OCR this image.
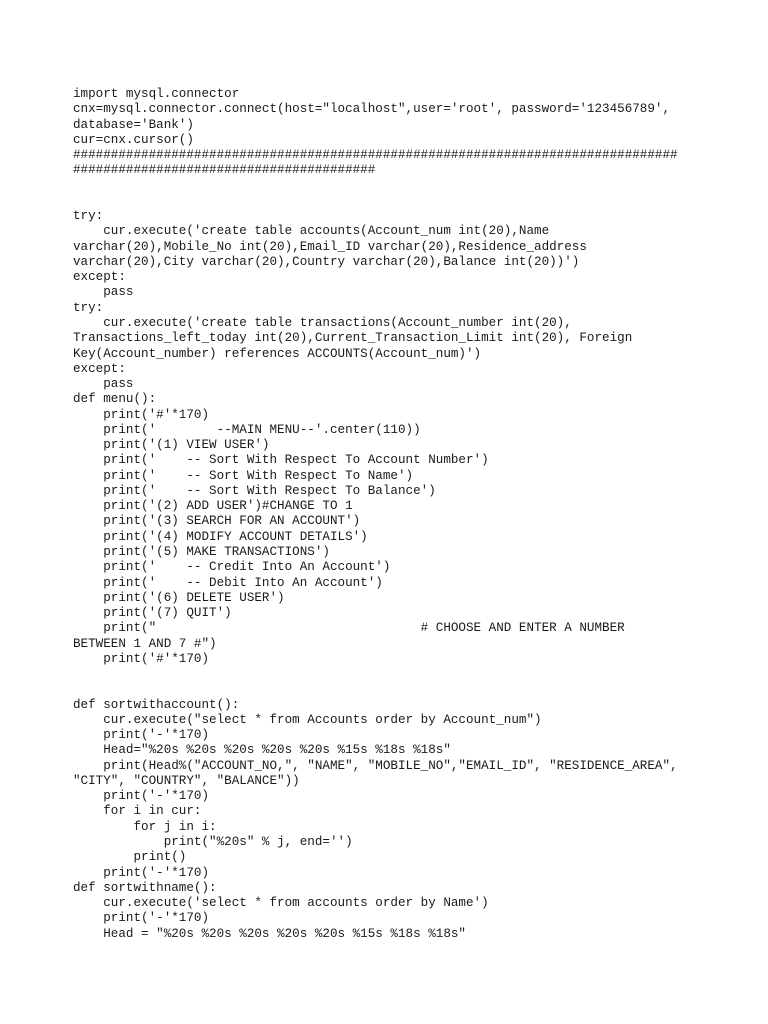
import mysql.connector
cnx=mysql.connector.connect(host="localhost",user='root', password='123456789',
database='Bank')
cur=cnx.cursor()
################################################################################
########################################
try:
cur.execute('create table accounts(Account_num int(20),Name
varchar(20),Mobile_No int(20),Email_ID varchar(20),Residence_address
varchar(20),City varchar(20),Country varchar(20),Balance int(20))')
except:
pass
try:
cur.execute('create table transactions(Account_number int(20),
Transactions_left_today int(20),Current_Transaction_Limit int(20), Foreign
Key(Account_number) references ACCOUNTS(Account_num)')
except:
pass
def menu():
print('#'*170)
print('        --MAIN MENU--'.center(110))
print('(1) VIEW USER')
print('    -- Sort With Respect To Account Number')
print('    -- Sort With Respect To Name')
print('    -- Sort With Respect To Balance')
print('(2) ADD USER')#CHANGE TO 1
print('(3) SEARCH FOR AN ACCOUNT')
print('(4) MODIFY ACCOUNT DETAILS')
print('(5) MAKE TRANSACTIONS')
print('    -- Credit Into An Account')
print('    -- Debit Into An Account')
print('(6) DELETE USER')
print('(7) QUIT')
print("                                   # CHOOSE AND ENTER A NUMBER
BETWEEN 1 AND 7 #")
print('#'*170)
def sortwithaccount():
cur.execute("select * from Accounts order by Account_num")
print('-'*170)
Head="%20s %20s %20s %20s %20s %15s %18s %18s"
print(Head%("ACCOUNT_NO,", "NAME", "MOBILE_NO","EMAIL_ID", "RESIDENCE_AREA",
"CITY", "COUNTRY", "BALANCE"))
print('-'*170)
for i in cur:
for j in i:
print("%20s" % j, end='')
print()
print('-'*170)
def sortwithname():
cur.execute('select * from accounts order by Name')
print('-'*170)
Head = "%20s %20s %20s %20s %20s %15s %18s %18s"
